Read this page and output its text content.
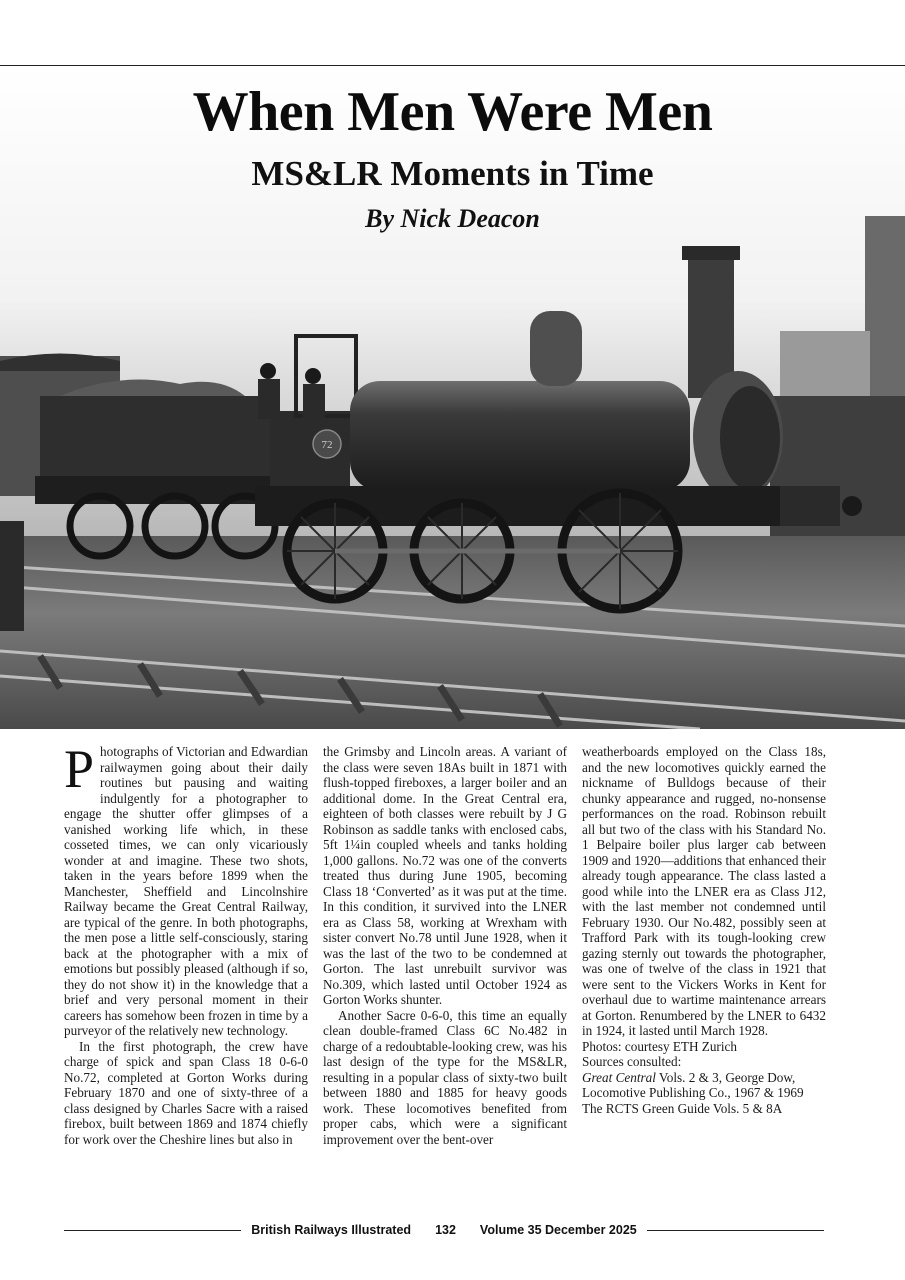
72
When Men Were Men
MS&LR Moments in Time
By Nick Deacon

Photographs of Victorian and Edwardian railwaymen going about their daily routines but pausing and waiting indulgently for a photographer to engage the shutter offer glimpses of a vanished working life which, in these cosseted times, we can only vicariously wonder at and imagine. These two shots, taken in the years before 1899 when the Manchester, Sheffield and Lincolnshire Railway became the Great Central Railway, are typical of the genre. In both photographs, the men pose a little self-consciously, staring back at the photographer with a mix of emotions but possibly pleased (although if so, they do not show it) in the knowledge that a brief and very personal moment in their careers has somehow been frozen in time by a purveyor of the relatively new technology.

In the first photograph, the crew have charge of spick and span Class 18 0-6-0 No.72, completed at Gorton Works during February 1870 and one of sixty-three of a class designed by Charles Sacre with a raised firebox, built between 1869 and 1874 chiefly for work over the Cheshire lines but also in

the Grimsby and Lincoln areas. A variant of the class were seven 18As built in 1871 with flush-topped fireboxes, a larger boiler and an additional dome. In the Great Central era, eighteen of both classes were rebuilt by J G Robinson as saddle tanks with enclosed cabs, 5ft 1¼in coupled wheels and tanks holding 1,000 gallons. No.72 was one of the converts treated thus during June 1905, becoming Class 18 ‘Converted’ as it was put at the time. In this condition, it survived into the LNER era as Class 58, working at Wrexham with sister convert No.78 until June 1928, when it was the last of the two to be condemned at Gorton. The last unrebuilt survivor was No.309, which lasted until October 1924 as Gorton Works shunter.

Another Sacre 0-6-0, this time an equally clean double-framed Class 6C No.482 in charge of a redoubtable-looking crew, was his last design of the type for the MS&LR, resulting in a popular class of sixty-two built between 1880 and 1885 for heavy goods work. These locomotives benefited from proper cabs, which were a significant improvement over the bent-over

weatherboards employed on the Class 18s, and the new locomotives quickly earned the nickname of Bulldogs because of their chunky appearance and rugged, no-nonsense performances on the road. Robinson rebuilt all but two of the class with his Standard No. 1 Belpaire boiler plus larger cab between 1909 and 1920—additions that enhanced their already tough appearance. The class lasted a good while into the LNER era as Class J12, with the last member not condemned until February 1930. Our No.482, possibly seen at Trafford Park with its tough-looking crew gazing sternly out towards the photographer, was one of twelve of the class in 1921 that were sent to the Vickers Works in Kent for overhaul due to wartime maintenance arrears at Gorton. Renumbered by the LNER to 6432 in 1924, it lasted until March 1928.

Photos: courtesy ETH Zurich

Sources consulted:

Great Central Vols. 2 & 3, George Dow, Locomotive Publishing Co., 1967 & 1969

The RCTS Green Guide Vols. 5 & 8A

British Railways Illustrated	132	Volume 35 December 2025
